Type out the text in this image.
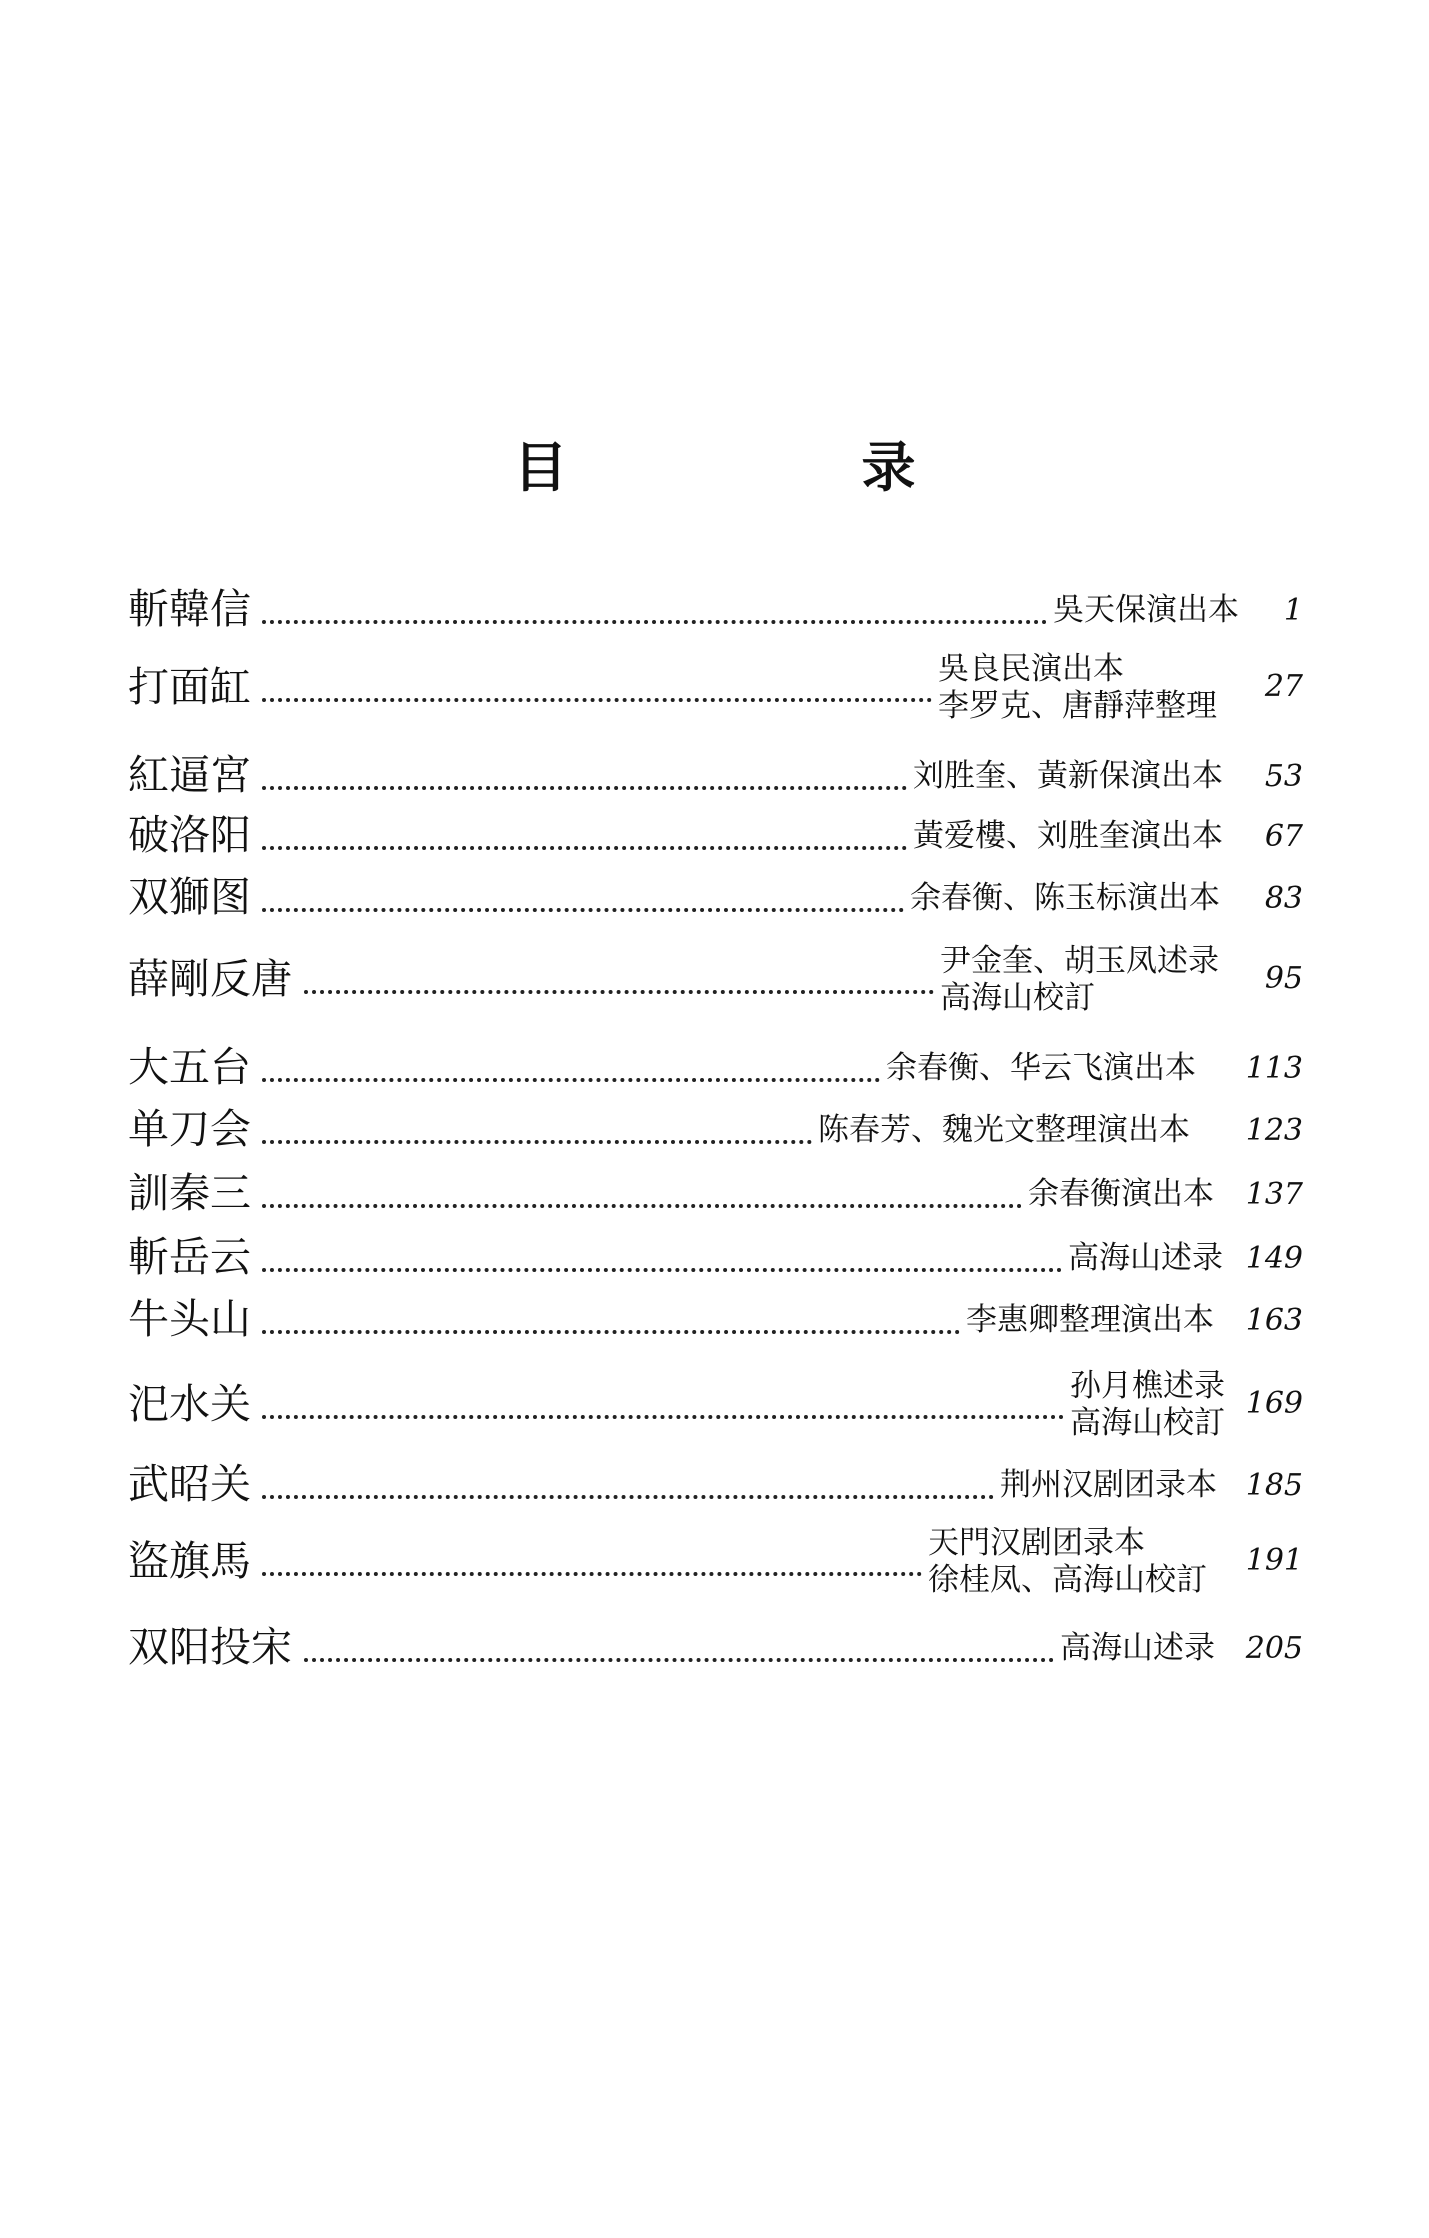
目　录
斬韓信	吳天保演出本 1
打面缸	吳良民演出本
李罗克、唐靜萍整理
27
紅逼宮	刘胜奎、黃新保演出本 53
破洛阳	黃爱樓、刘胜奎演出本 67
双獅图	余春衡、陈玉标演出本 83
薛剛反唐	尹金奎、胡玉凤述录
高海山校訂
95
大五台	余春衡、华云飞演出本 113
单刀会	陈春芳、魏光文整理演出本 123
訓秦三	余春衡演出本 137
斬岳云	高海山述录 149
牛头山	李惠卿整理演出本 163
汜水关	孙月樵述录
高海山校訂
169
武昭关	荆州汉剧团录本 185
盜旗馬	天門汉剧团录本
徐桂凤、高海山校訂
191
双阳投宋	高海山述录 205
